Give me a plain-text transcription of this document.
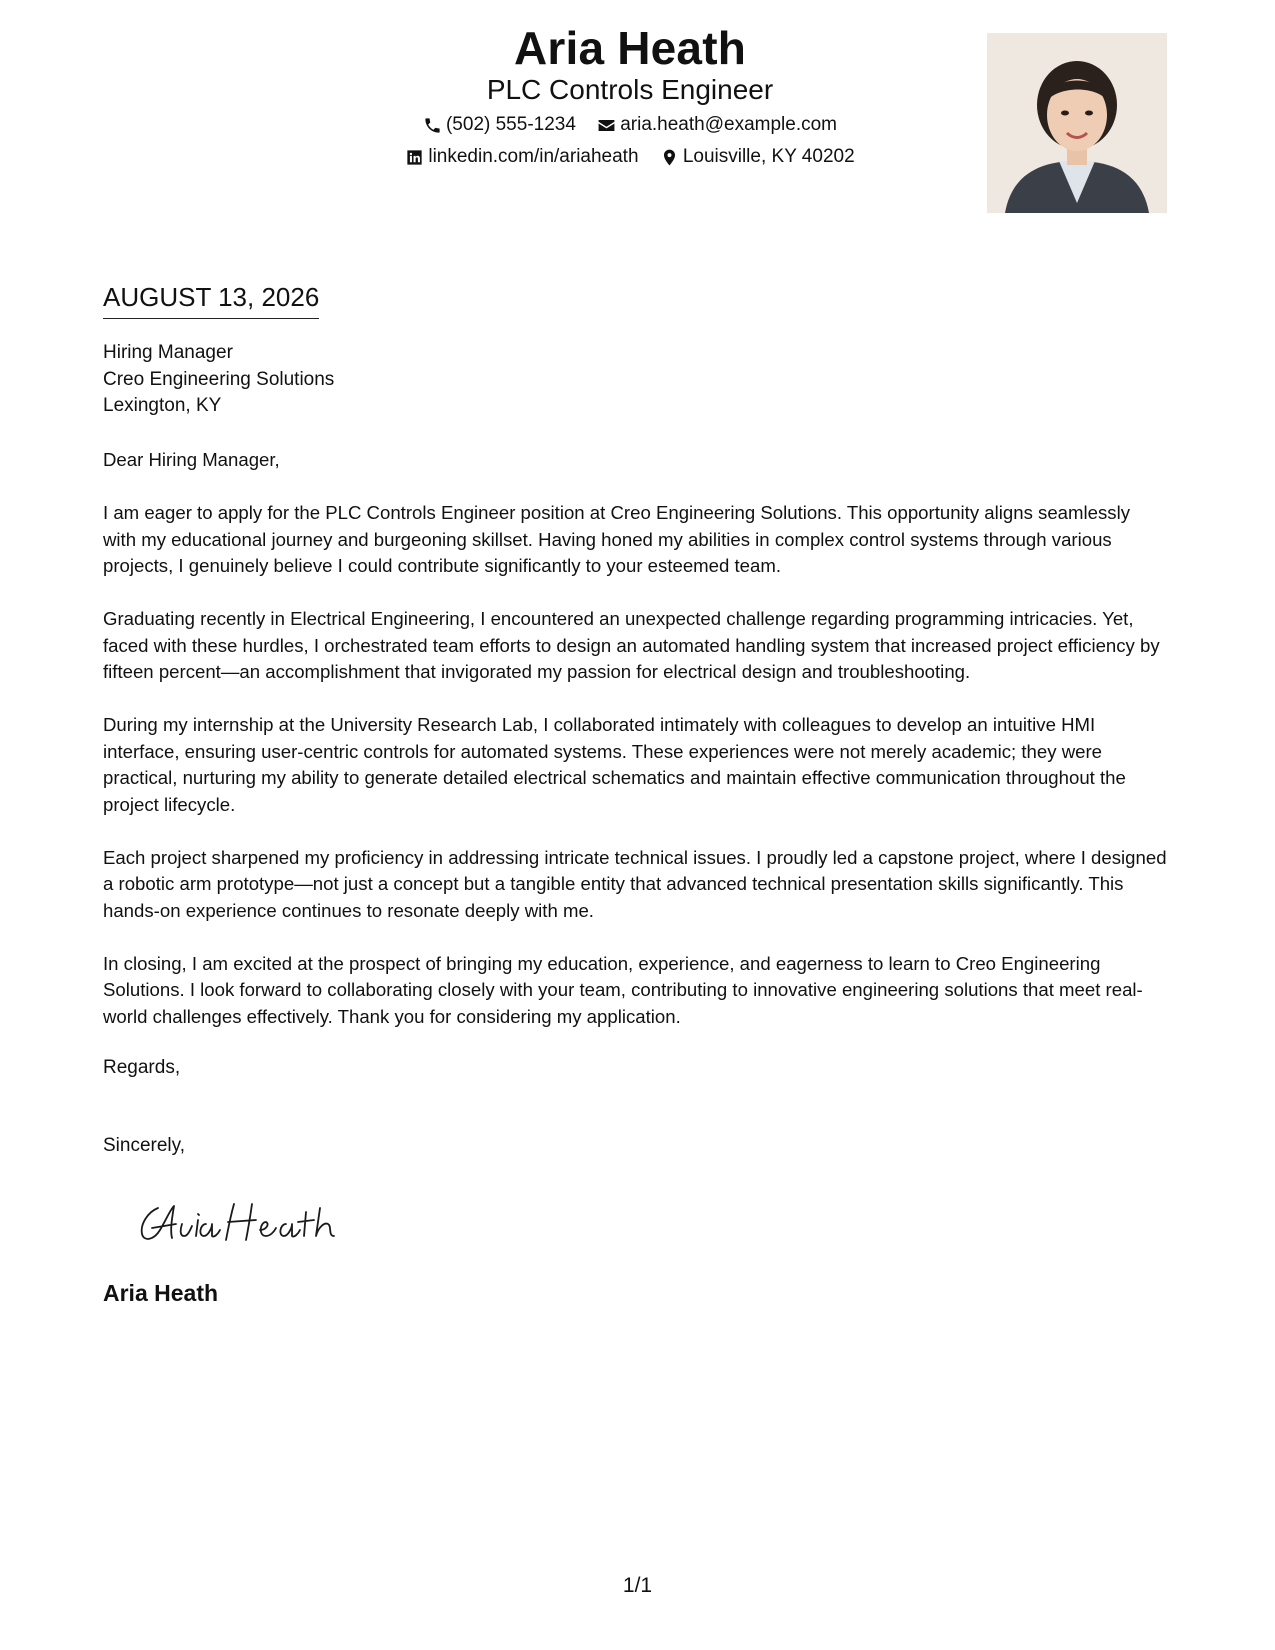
Aria Heath
PLC Controls Engineer
(502) 555-1234
aria.heath@example.com
linkedin.com/in/ariaheath
Louisville, KY 40202
AUGUST 13, 2026
Hiring Manager
Creo Engineering Solutions
Lexington, KY

Dear Hiring Manager,

I am eager to apply for the PLC Controls Engineer position at Creo Engineering Solutions. This opportunity aligns seamlessly with my educational journey and burgeoning skillset. Having honed my abilities in complex control systems through various projects, I genuinely believe I could contribute significantly to your esteemed team.

Graduating recently in Electrical Engineering, I encountered an unexpected challenge regarding programming intricacies. Yet, faced with these hurdles, I orchestrated team efforts to design an automated handling system that increased project efficiency by fifteen percent—an accomplishment that invigorated my passion for electrical design and troubleshooting.

During my internship at the University Research Lab, I collaborated intimately with colleagues to develop an intuitive HMI interface, ensuring user-centric controls for automated systems. These experiences were not merely academic; they were practical, nurturing my ability to generate detailed electrical schematics and maintain effective communication throughout the project lifecycle.

Each project sharpened my proficiency in addressing intricate technical issues. I proudly led a capstone project, where I designed a robotic arm prototype—not just a concept but a tangible entity that advanced technical presentation skills significantly. This hands-on experience continues to resonate deeply with me.

In closing, I am excited at the prospect of bringing my education, experience, and eagerness to learn to Creo Engineering Solutions. I look forward to collaborating closely with your team, contributing to innovative engineering solutions that meet real-world challenges effectively. Thank you for considering my application.

Regards,
Sincerely,
Aria Heath
1/1
